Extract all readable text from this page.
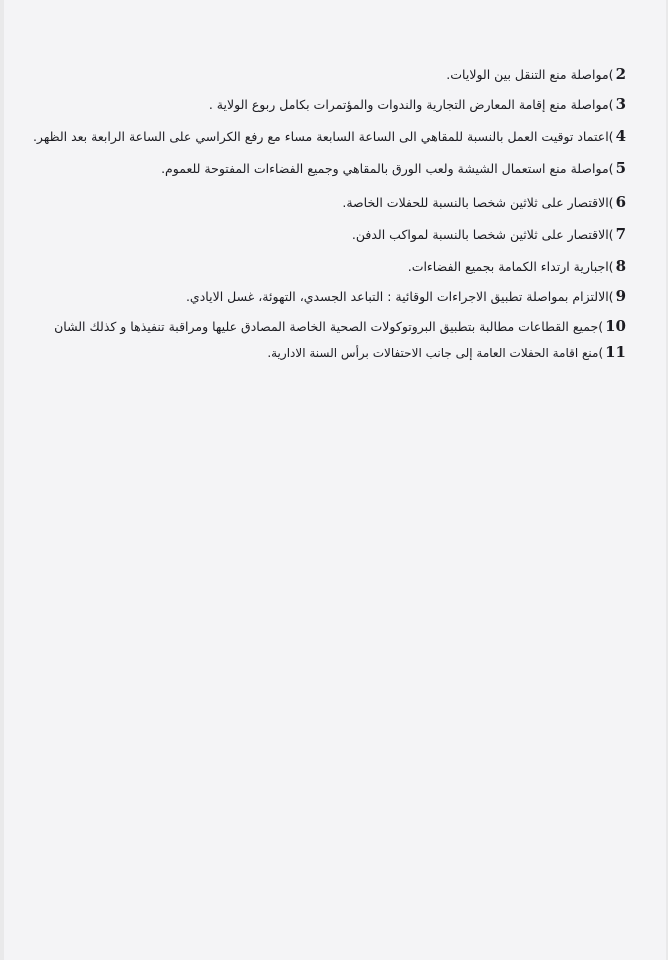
2)مواصلة منع التنقل بين الولايات.
3)مواصلة منع إقامة المعارض التجارية والندوات والمؤتمرات بكامل ربوع الولاية .
4)اعتماد توقيت العمل بالنسبة للمقاهي الى الساعة السابعة مساء مع رفع الكراسي على الساعة الرابعة بعد الظهر.
5)مواصلة منع استعمال الشيشة ولعب الورق بالمقاهي وجميع الفضاءات المفتوحة للعموم.
6)الاقتصار على ثلاثين شخصا بالنسبة للحفلات الخاصة.
7)الاقتصار على ثلاثين شخصا بالنسبة لمواكب الدفن.
8)اجبارية ارتداء الكمامة بجميع الفضاءات.
9)الالتزام بمواصلة تطبيق الاجراءات الوقائية : التباعد الجسدي، التهوئة، غسل الايادي.
10)جميع القطاعات مطالبة بتطبيق البروتوكولات الصحية الخاصة المصادق عليها ومراقبة تنفيذها و كذلك الشان
11)منع اقامة الحفلات العامة إلى جانب الاحتفالات برأس السنة الادارية.
